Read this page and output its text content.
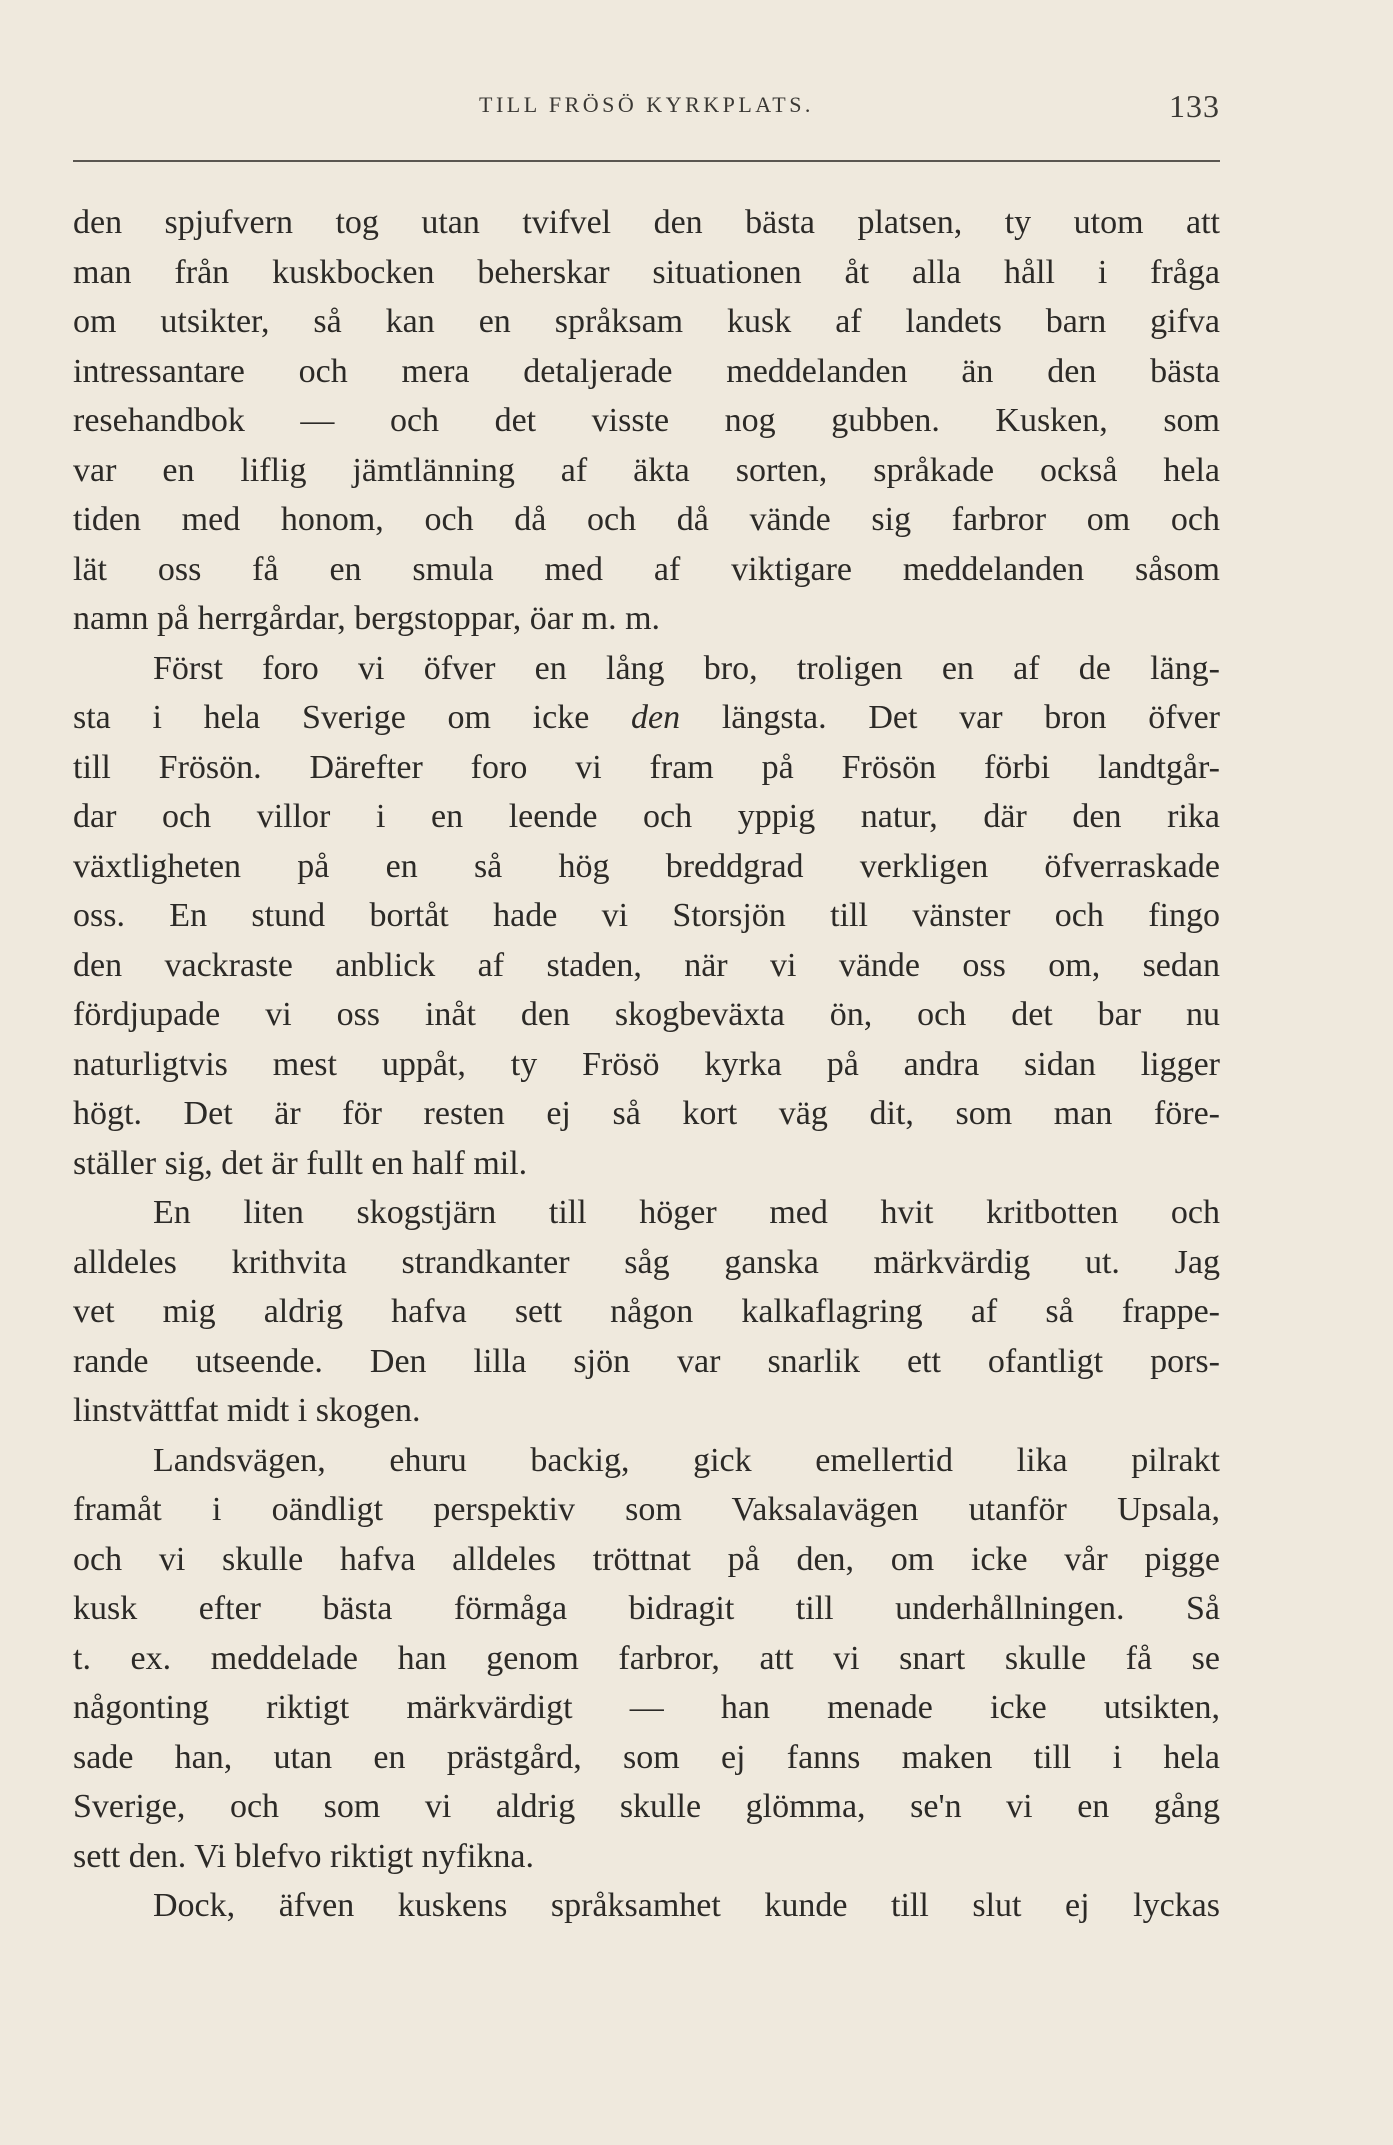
TILL FRÖSÖ KYRKPLATS.	133
den spjufvern tog utan tvifvel den bästa platsen, ty utom att
man från kuskbocken beherskar situationen åt alla håll i fråga
om utsikter, så kan en språksam kusk af landets barn gifva
intressantare och mera detaljerade meddelanden än den bästa
resehandbok — och det visste nog gubben. Kusken, som
var en liflig jämtlänning af äkta sorten, språkade också hela
tiden med honom, och då och då vände sig farbror om och
lät oss få en smula med af viktigare meddelanden såsom
namn på herrgårdar, bergstoppar, öar m. m.
Först foro vi öfver en lång bro, troligen en af de läng-
sta i hela Sverige om icke den längsta. Det var bron öfver
till Frösön. Därefter foro vi fram på Frösön förbi landtgår-
dar och villor i en leende och yppig natur, där den rika
växtligheten på en så hög breddgrad verkligen öfverraskade
oss. En stund bortåt hade vi Storsjön till vänster och fingo
den vackraste anblick af staden, när vi vände oss om, sedan
fördjupade vi oss inåt den skogbeväxta ön, och det bar nu
naturligtvis mest uppåt, ty Frösö kyrka på andra sidan ligger
högt. Det är för resten ej så kort väg dit, som man före-
ställer sig, det är fullt en half mil.
En liten skogstjärn till höger med hvit kritbotten och
alldeles krithvita strandkanter såg ganska märkvärdig ut. Jag
vet mig aldrig hafva sett någon kalkaflagring af så frappe-
rande utseende. Den lilla sjön var snarlik ett ofantligt pors-
linstvättfat midt i skogen.
Landsvägen, ehuru backig, gick emellertid lika pilrakt
framåt i oändligt perspektiv som Vaksalavägen utanför Upsala,
och vi skulle hafva alldeles tröttnat på den, om icke vår pigge
kusk efter bästa förmåga bidragit till underhållningen. Så
t. ex. meddelade han genom farbror, att vi snart skulle få se
någonting riktigt märkvärdigt — han menade icke utsikten,
sade han, utan en prästgård, som ej fanns maken till i hela
Sverige, och som vi aldrig skulle glömma, se'n vi en gång
sett den. Vi blefvo riktigt nyfikna.
Dock, äfven kuskens språksamhet kunde till slut ej lyckas
